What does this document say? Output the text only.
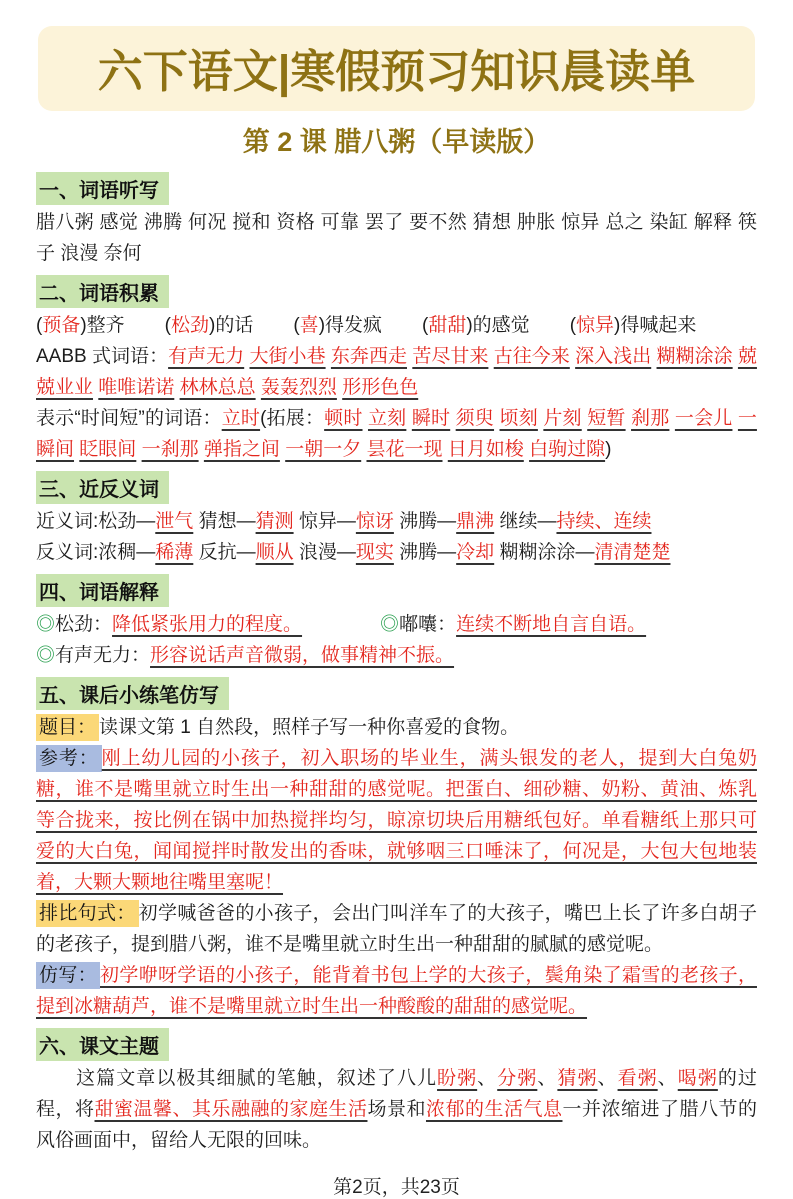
六下语文|寒假预习知识晨读单
第 2 课 腊八粥（早读版）
一、词语听写
腊八粥 感觉 沸腾 何况 搅和 资格 可靠 罢了 要不然 猜想 肿胀 惊异 总之 染缸 解释 筷子 浪漫 奈何
二、词语积累
(预备)整齐 (松劲)的话 (喜)得发疯 (甜甜)的感觉 (惊异)得喊起来
AABB 式词语：有声无力 大街小巷 东奔西走 苦尽甘来 古往今来 深入浅出 糊糊涂涂 兢兢业业 唯唯诺诺 林林总总 轰轰烈烈 形形色色
表示“时间短”的词语：立时(拓展：顿时 立刻 瞬时 须臾 顷刻 片刻 短暂 刹那 一会儿 一瞬间 眨眼间 一刹那 弹指之间 一朝一夕 昙花一现 日月如梭 白驹过隙)
三、近反义词
近义词:松劲—泄气 猜想—猜测 惊异—惊讶 沸腾—鼎沸 继续—持续、连续
反义词:浓稠—稀薄 反抗—顺从 浪漫—现实 沸腾—冷却 糊糊涂涂—清清楚楚
四、词语解释
◎松劲：降低紧张用力的程度。	◎嘟囔：连续不断地自言自语。
◎有声无力：形容说话声音微弱，做事精神不振。
五、课后小练笔仿写
题目： 读课文第 1 自然段，照样子写一种你喜爱的食物。
参考： 刚上幼儿园的小孩子，初入职场的毕业生，满头银发的老人，提到大白兔奶糖，谁不是嘴里就立时生出一种甜甜的感觉呢。把蛋白、细砂糖、奶粉、黄油、炼乳等合拢来，按比例在锅中加热搅拌均匀，晾凉切块后用糖纸包好。单看糖纸上那只可爱的大白兔，闻闻搅拌时散发出的香味，就够咽三口唾沫了，何况是，大包大包地装着，大颗大颗地往嘴里塞呢！
排比句式： 初学喊爸爸的小孩子，会出门叫洋车了的大孩子，嘴巴上长了许多白胡子的老孩子，提到腊八粥，谁不是嘴里就立时生出一种甜甜的腻腻的感觉呢。
仿写： 初学咿呀学语的小孩子，能背着书包上学的大孩子，鬓角染了霜雪的老孩子，提到冰糖葫芦，谁不是嘴里就立时生出一种酸酸的甜甜的感觉呢。
六、课文主题
　　这篇文章以极其细腻的笔触，叙述了八儿盼粥、分粥、猜粥、看粥、喝粥的过程，将甜蜜温馨、其乐融融的家庭生活场景和浓郁的生活气息一并浓缩进了腊八节的风俗画面中，留给人无限的回味。
第2页，共23页
